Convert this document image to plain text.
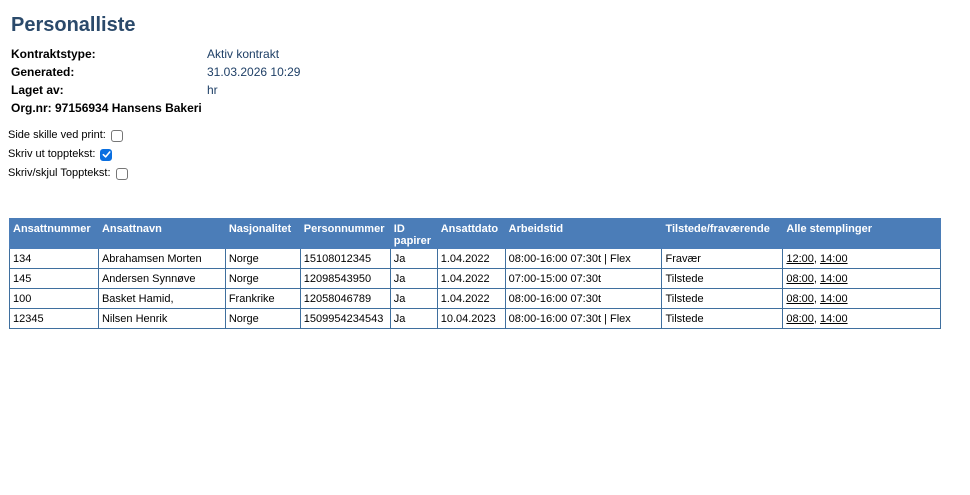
Personalliste
Kontraktstype:	Aktiv kontrakt
Generated:	31.03.2026 10:29
Laget av:	hr
Org.nr: 97156934 Hansens Bakeri
Side skille ved print:
Skriv ut topptekst:
Skriv/skjul Topptekst:
Ansattnummer	Ansattnavn	Nasjonalitet	Personnummer	ID papirer	Ansattdato	Arbeidstid	Tilstede/fraværende	Alle stemplinger
134	Abrahamsen Morten	Norge	15108012345	Ja	1.04.2022	08:00-16:00 07:30t | Flex	Fravær	12:00, 14:00
145	Andersen Synnøve	Norge	12098543950	Ja	1.04.2022	07:00-15:00 07:30t	Tilstede	08:00, 14:00
100	Basket Hamid,	Frankrike	12058046789	Ja	1.04.2022	08:00-16:00 07:30t	Tilstede	08:00, 14:00
12345	Nilsen Henrik	Norge	1509954234543	Ja	10.04.2023	08:00-16:00 07:30t | Flex	Tilstede	08:00, 14:00
